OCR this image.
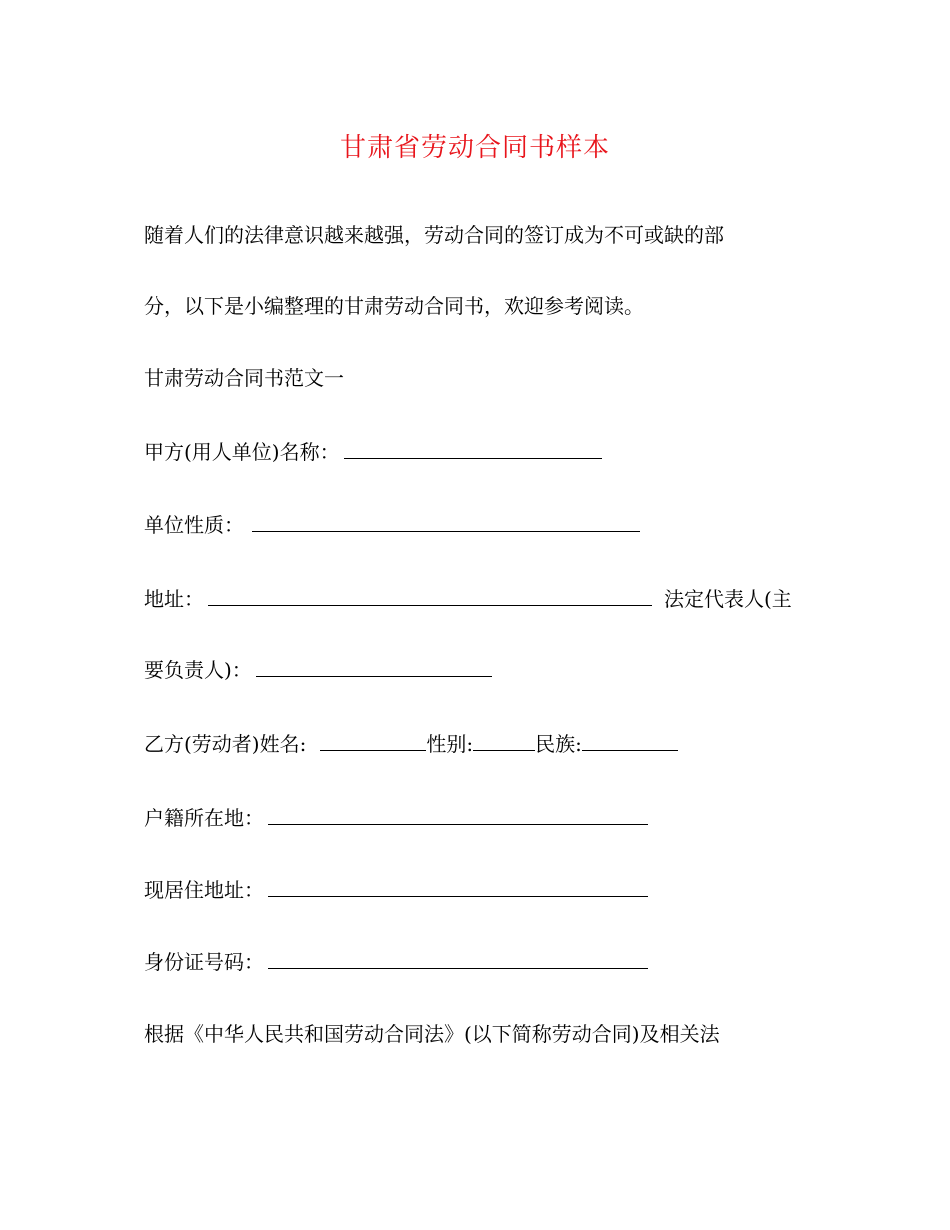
甘肃省劳动合同书样本
随着人们的法律意识越来越强，劳动合同的签订成为不可或缺的部
分，以下是小编整理的甘肃劳动合同书，欢迎参考阅读。
甘肃劳动合同书范文一
甲方(用人单位)名称：
单位性质：
地址：	法定代表人(主
要负责人)：
乙方(劳动者)姓名:	性别:	民族:
户籍所在地：
现居住地址：
身份证号码：
根据《中华人民共和国劳动合同法》(以下简称劳动合同)及相关法
